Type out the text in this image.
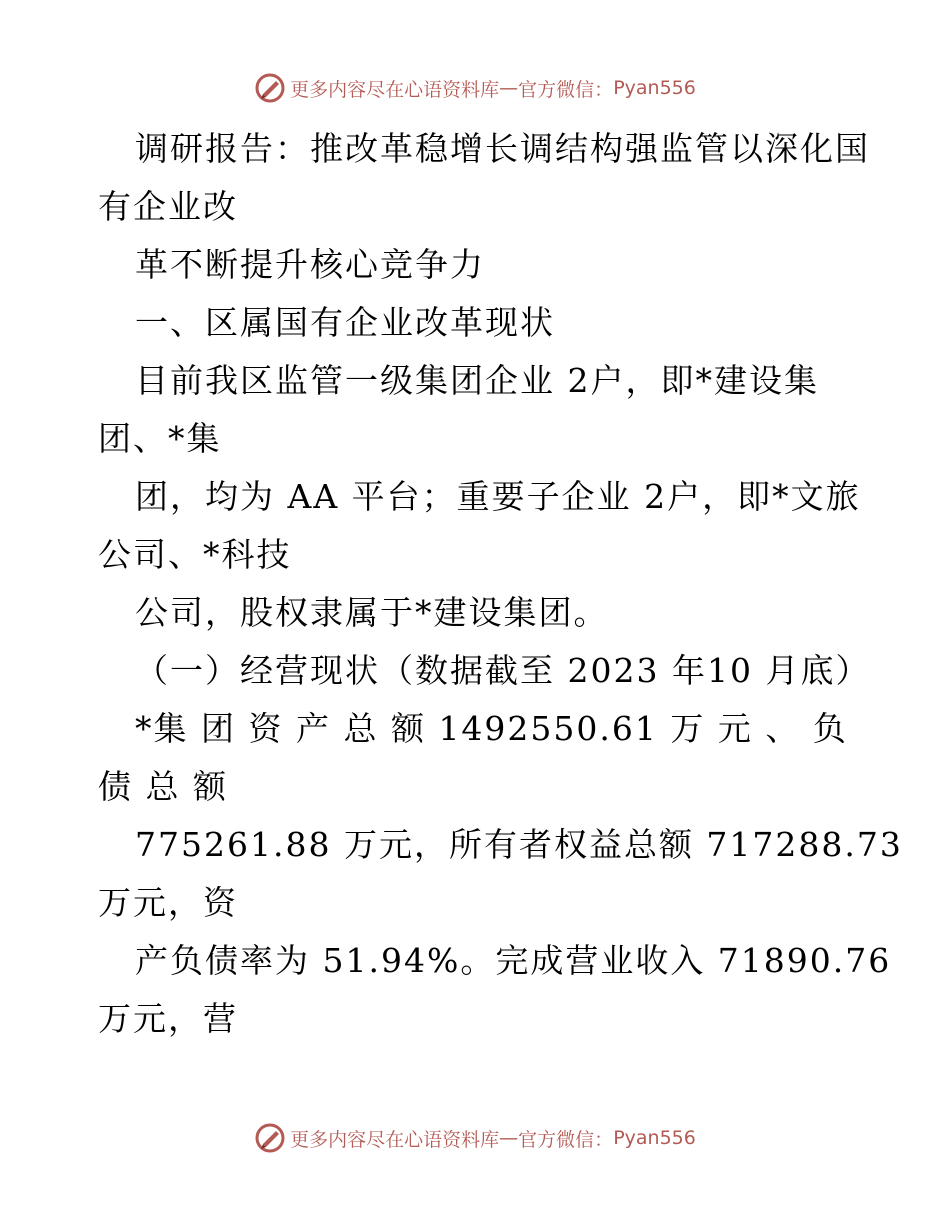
更多内容尽在心语资料库 — 官方微信： Pyan556

调研报告：推改革稳增长调结构强监管以深化国

有企业改

革不断提升核心竞争力

一、区属国有企业改革现状

目前我区监管一级集团企业 2户，即*建设集

团、*集

团，均为 AA 平台；重要子企业 2户，即*文旅

公司、*科技

公司，股权隶属于*建设集团。

（一）经营现状（数据截至 2023 年10 月底）

*集 团 资 产 总 额 1492550.61 万 元 、 负

债 总 额

775261.88 万元，所有者权益总额 717288.73

万元，资

产负债率为 51.94%。完成营业收入 71890.76

万元，营

更多内容尽在心语资料库 — 官方微信： Pyan556
